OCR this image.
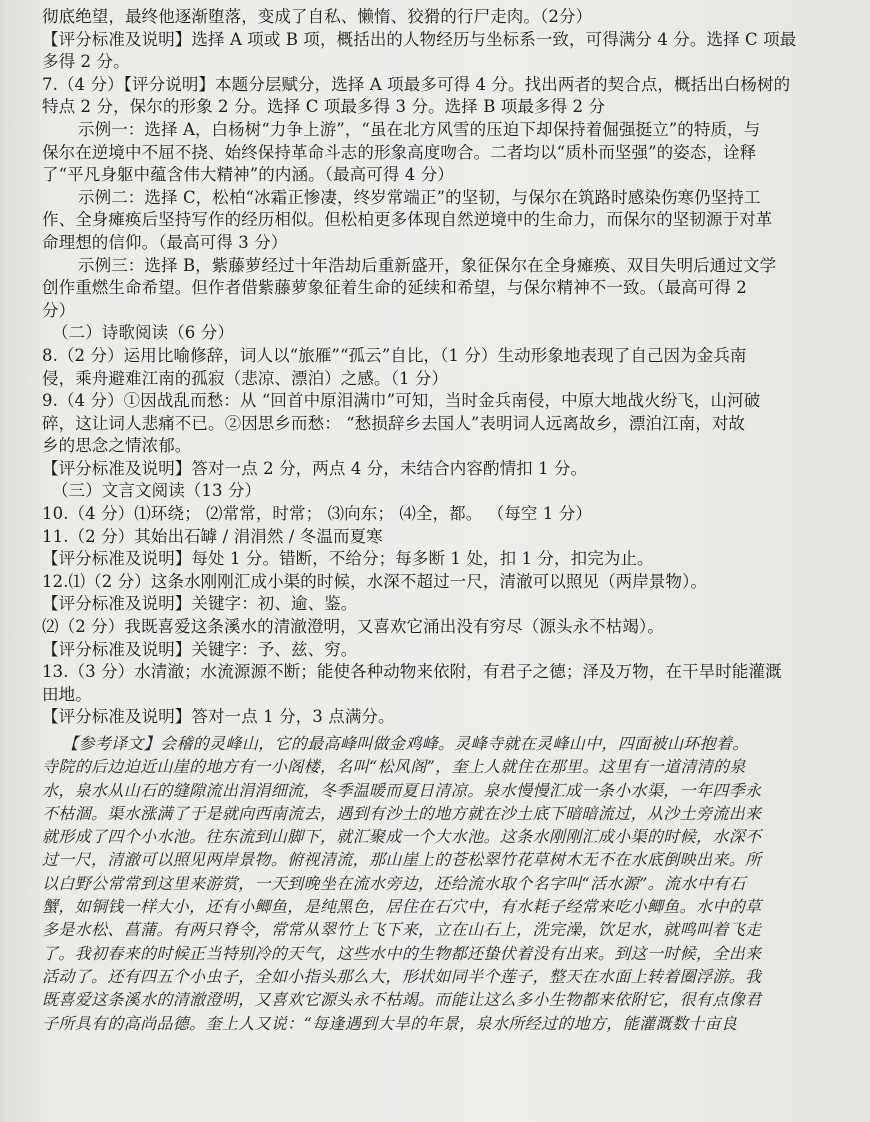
彻底绝望，最终他逐渐堕落，变成了自私、懒惰、狡猾的行尸走肉。（2分）
【评分标准及说明】选择 A 项或 B 项，概括出的人物经历与坐标系一致，可得满分 4 分。选择 C 项最
多得 2 分。
7.（4 分）【评分说明】本题分层赋分，选择 A 项最多可得 4 分。找出两者的契合点，概括出白杨树的
特点 2 分，保尔的形象 2 分。选择 C 项最多得 3 分。选择 B 项最多得 2 分
示例一：选择 A，白杨树“力争上游”，“虽在北方风雪的压迫下却保持着倔强挺立”的特质，与
保尔在逆境中不屈不挠、始终保持革命斗志的形象高度吻合。二者均以“质朴而坚强”的姿态，诠释
了“平凡身躯中蕴含伟大精神”的内涵。（最高可得 4 分）
示例二：选择 C，松柏“冰霜正惨凄，终岁常端正”的坚韧，与保尔在筑路时感染伤寒仍坚持工
作、全身瘫痪后坚持写作的经历相似。但松柏更多体现自然逆境中的生命力，而保尔的坚韧源于对革
命理想的信仰。（最高可得 3 分）
示例三：选择 B，紫藤萝经过十年浩劫后重新盛开，象征保尔在全身瘫痪、双目失明后通过文学
创作重燃生命希望。但作者借紫藤萝象征着生命的延续和希望，与保尔精神不一致。（最高可得 2
分）
（二）诗歌阅读（6 分）
8.（2 分）运用比喻修辞，词人以“旅雁”“孤云”自比，（1 分）生动形象地表现了自己因为金兵南
侵，乘舟避难江南的孤寂（悲凉、漂泊）之感。（1 分）
9.（4 分）①因战乱而愁：从 “回首中原泪满巾”可知，当时金兵南侵，中原大地战火纷飞，山河破
碎，这让词人悲痛不已。②因思乡而愁： “愁损辞乡去国人”表明词人远离故乡，漂泊江南，对故
乡的思念之情浓郁。
【评分标准及说明】答对一点 2 分，两点 4 分，未结合内容酌情扣 1 分。
（三）文言文阅读（13 分）
10.（4 分）⑴环绕； ⑵常常，时常； ⑶向东； ⑷全，都。 （每空 1 分）
11.（2 分）其始出石罅 / 涓涓然 / 冬温而夏寒
【评分标准及说明】每处 1 分。错断，不给分；每多断 1 处，扣 1 分，扣完为止。
12.⑴（2 分）这条水刚刚汇成小渠的时候，水深不超过一尺，清澈可以照见（两岸景物）。
【评分标准及说明】关键字：初、逾、鉴。
⑵（2 分）我既喜爱这条溪水的清澈澄明，又喜欢它涌出没有穷尽（源头永不枯竭）。
【评分标准及说明】关键字：予、兹、穷。
13.（3 分）水清澈；水流源源不断；能使各种动物来依附，有君子之德；泽及万物，在干旱时能灌溉
田地。
【评分标准及说明】答对一点 1 分，3 点满分。
【参考译文】会稽的灵峰山，它的最高峰叫做金鸡峰。灵峰寺就在灵峰山中，四面被山环抱着。
寺院的后边迫近山崖的地方有一小阁楼，名叫“松风阁”，奎上人就住在那里。这里有一道清清的泉
水，泉水从山石的缝隙流出涓涓细流，冬季温暖而夏日清凉。泉水慢慢汇成一条小水渠，一年四季永
不枯涸。渠水涨满了于是就向西南流去，遇到有沙土的地方就在沙土底下暗暗流过，从沙土旁流出来
就形成了四个小水池。往东流到山脚下，就汇聚成一个大水池。这条水刚刚汇成小渠的时候，水深不
过一尺，清澈可以照见两岸景物。俯视清流，那山崖上的苍松翠竹花草树木无不在水底倒映出来。所
以白野公常常到这里来游赏，一天到晚坐在流水旁边，还给流水取个名字叫“活水源”。流水中有石
蟹，如铜钱一样大小，还有小鲫鱼，是纯黑色，居住在石穴中，有水耗子经常来吃小鲫鱼。水中的草
多是水松、菖蒲。有两只脊令，常常从翠竹上飞下来，立在山石上，洗完澡，饮足水，就鸣叫着飞走
了。我初春来的时候正当特别冷的天气，这些水中的生物都还蛰伏着没有出来。到这一时候，全出来
活动了。还有四五个小虫子，全如小指头那么大，形状如同半个莲子，整天在水面上转着圈浮游。我
既喜爱这条溪水的清澈澄明，又喜欢它源头永不枯竭。而能让这么多小生物都来依附它，很有点像君
子所具有的高尚品德。奎上人又说：“每逢遇到大旱的年景，泉水所经过的地方，能灌溉数十亩良
